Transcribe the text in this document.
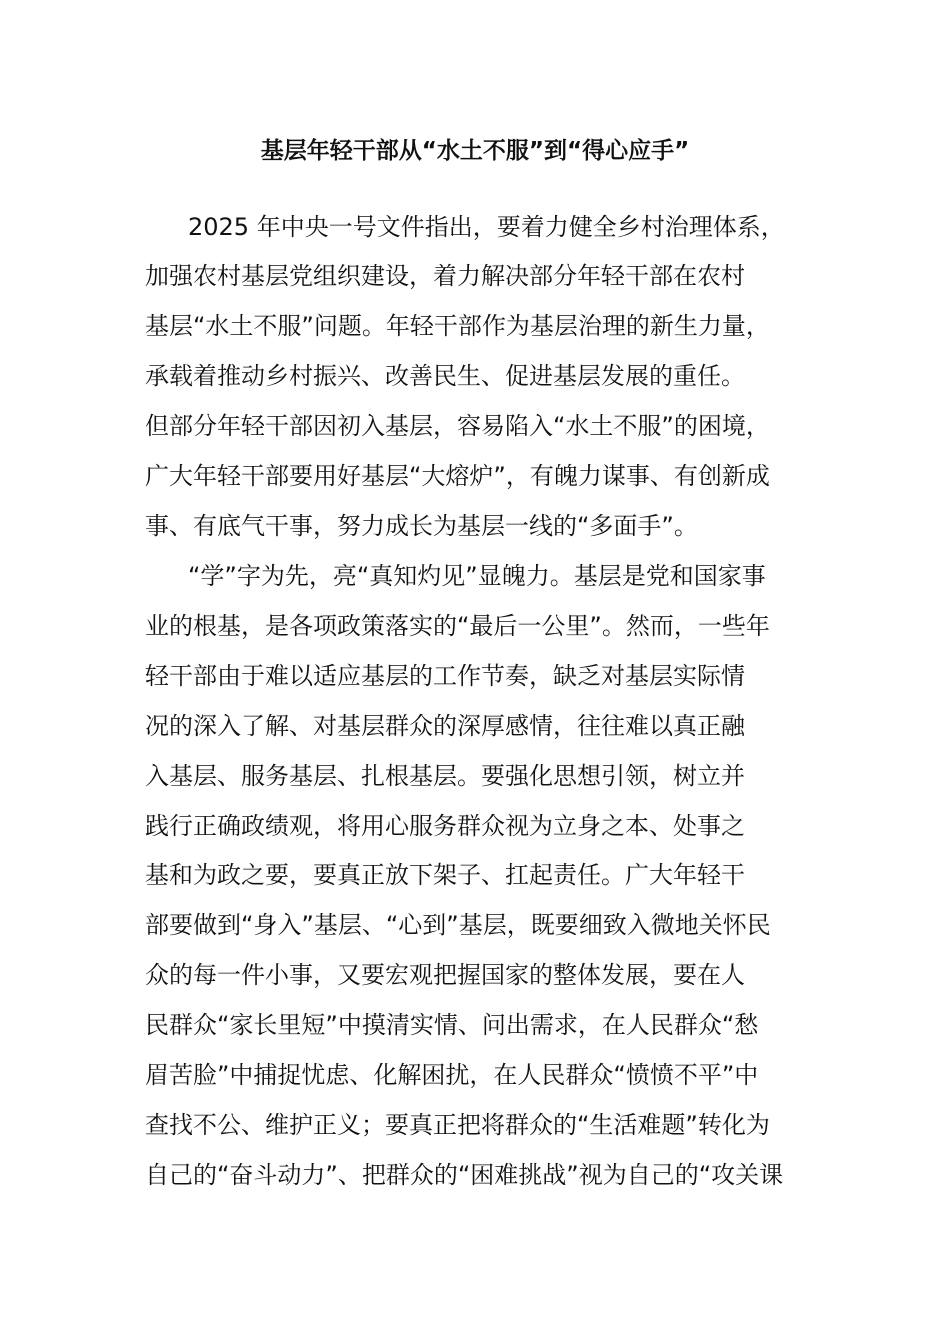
基层年轻干部从“水土不服”到“得心应手”
2025 年中央一号文件指出，要着力健全乡村治理体系，
加强农村基层党组织建设，着力解决部分年轻干部在农村
基层“水土不服”问题。年轻干部作为基层治理的新生力量，
承载着推动乡村振兴、改善民生、促进基层发展的重任。
但部分年轻干部因初入基层，容易陷入“水土不服”的困境，
广大年轻干部要用好基层“大熔炉”，有魄力谋事、有创新成
事、有底气干事，努力成长为基层一线的“多面手”。
“学”字为先，亮“真知灼见”显魄力。基层是党和国家事
业的根基，是各项政策落实的“最后一公里”。然而，一些年
轻干部由于难以适应基层的工作节奏，缺乏对基层实际情
况的深入了解、对基层群众的深厚感情，往往难以真正融
入基层、服务基层、扎根基层。要强化思想引领，树立并
践行正确政绩观，将用心服务群众视为立身之本、处事之
基和为政之要，要真正放下架子、扛起责任。广大年轻干
部要做到“身入”基层、“心到”基层，既要细致入微地关怀民
众的每一件小事，又要宏观把握国家的整体发展，要在人
民群众“家长里短”中摸清实情、问出需求，在人民群众“愁
眉苦脸”中捕捉忧虑、化解困扰，在人民群众“愤愤不平”中
查找不公、维护正义；要真正把将群众的“生活难题”转化为
自己的“奋斗动力”、把群众的“困难挑战”视为自己的“攻关课
